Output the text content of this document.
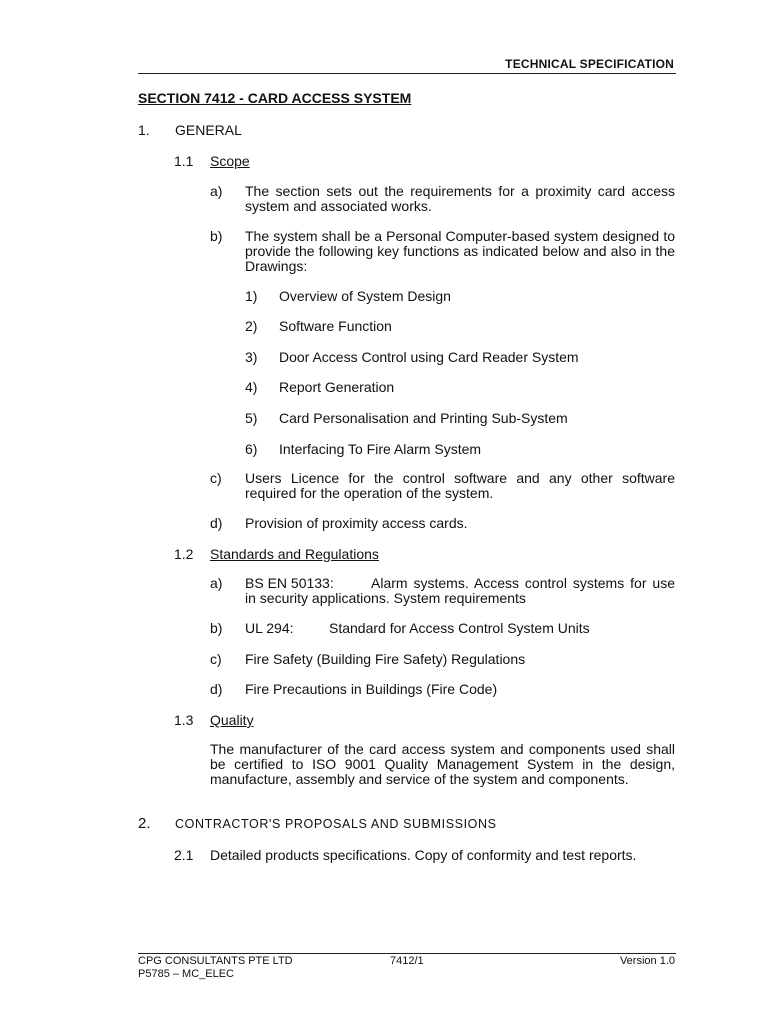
TECHNICAL SPECIFICATION
SECTION 7412 - CARD ACCESS SYSTEM
1. GENERAL
1.1 Scope
a)	The section sets out the requirements for a proximity card access system and associated works.
b)	The system shall be a Personal Computer-based system designed to provide the following key functions as indicated below and also in the Drawings:
1)	Overview of System Design
2)	Software Function
3)	Door Access Control using Card Reader System
4)	Report Generation
5)	Card Personalisation and Printing Sub-System
6)	Interfacing To Fire Alarm System
c)	Users Licence for the control software and any other software required for the operation of the system.
d)	Provision of proximity access cards.
1.2 Standards and Regulations
a)	BS EN 50133:	Alarm systems. Access control systems for use in security applications. System requirements
b)	UL 294:	Standard for Access Control System Units
c)	Fire Safety (Building Fire Safety) Regulations
d)	Fire Precautions in Buildings (Fire Code)
1.3 Quality
The manufacturer of the card access system and components used shall be certified to ISO 9001 Quality Management System in the design, manufacture, assembly and service of the system and components.
2. CONTRACTOR'S PROPOSALS AND SUBMISSIONS
2.1 Detailed products specifications. Copy of conformity and test reports.
CPG CONSULTANTS PTE LTD
P5785 – MC_ELEC
7412/1	Version 1.0
